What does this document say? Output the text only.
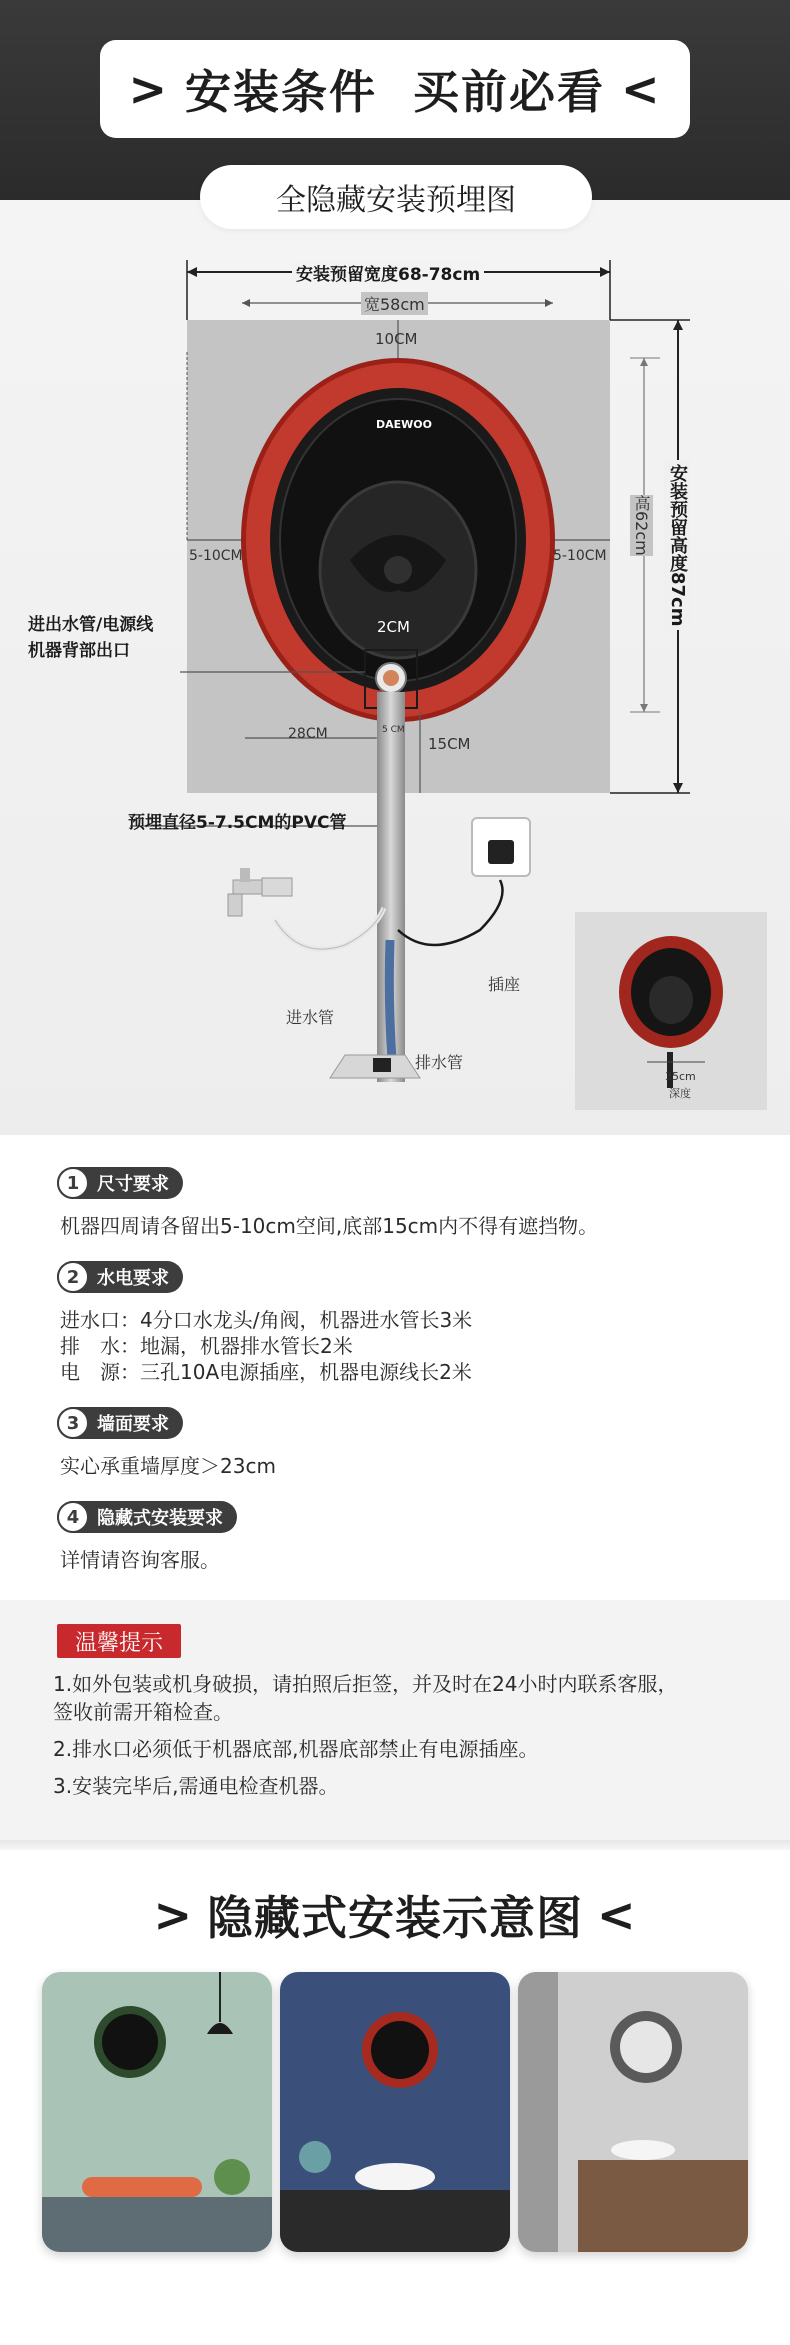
> 安装条件  买前必看 <
全隐藏安装预埋图
安装预留宽度68-78cm
宽58cm
10CM
5-10CM	5-10CM
DAEWOO
进出水管/电源线
机器背部出口
2CM
28CM	5 CM
15CM
预埋直径5-7.5CM的PVC管
进水管
插座
排水管
高62cm 安装预留高度87cm
35cm
深度
1 尺寸要求
机器四周请各留出5-10cm空间,底部15cm内不得有遮挡物。
2 水电要求
进水口：4分口水龙头/角阀，机器进水管长3米
排　水：地漏，机器排水管长2米
电　源：三孔10A电源插座，机器电源线长2米
3 墙面要求
实心承重墙厚度＞23cm
4 隐藏式安装要求
详情请咨询客服。
温馨提示
1.如外包装或机身破损，请拍照后拒签，并及时在24小时内联系客服，
签收前需开箱检查。
2.排水口必须低于机器底部,机器底部禁止有电源插座。
3.安装完毕后,需通电检查机器。
> 隐藏式安装示意图 <
